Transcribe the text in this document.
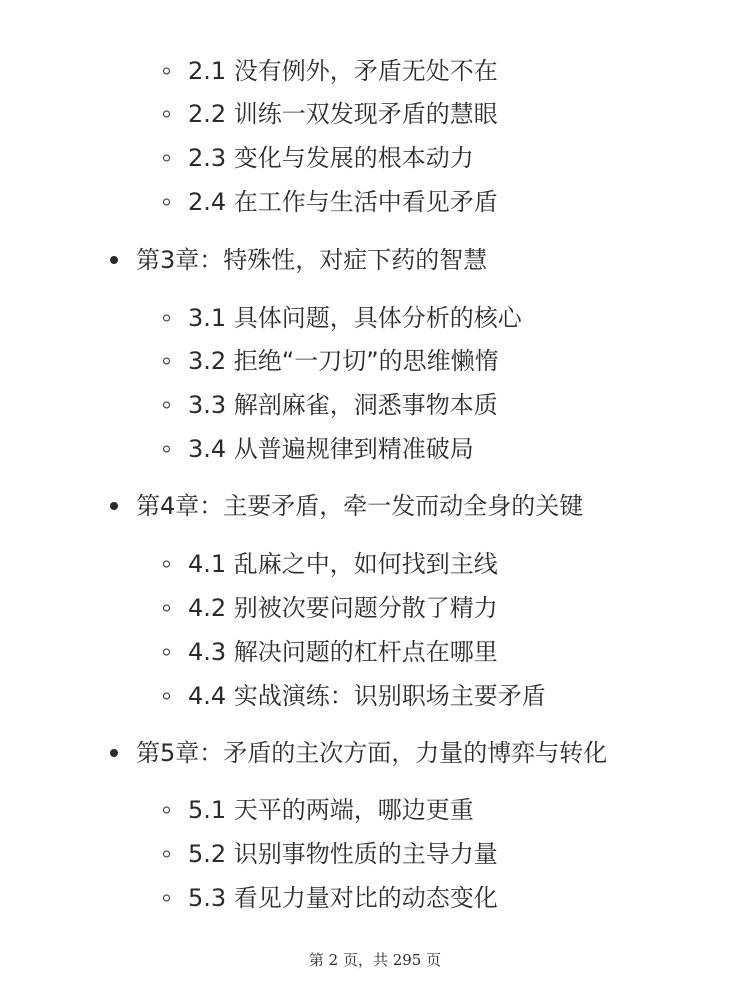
2.1 没有例外，矛盾无处不在
2.2 训练一双发现矛盾的慧眼
2.3 变化与发展的根本动力
2.4 在工作与生活中看见矛盾
第3章：特殊性，对症下药的智慧
3.1 具体问题，具体分析的核心
3.2 拒绝“一刀切”的思维懒惰
3.3 解剖麻雀，洞悉事物本质
3.4 从普遍规律到精准破局
第4章：主要矛盾，牵一发而动全身的关键
4.1 乱麻之中，如何找到主线
4.2 别被次要问题分散了精力
4.3 解决问题的杠杆点在哪里
4.4 实战演练：识别职场主要矛盾
第5章：矛盾的主次方面，力量的博弈与转化
5.1 天平的两端，哪边更重
5.2 识别事物性质的主导力量
5.3 看见力量对比的动态变化
第 2 页，共 295 页
